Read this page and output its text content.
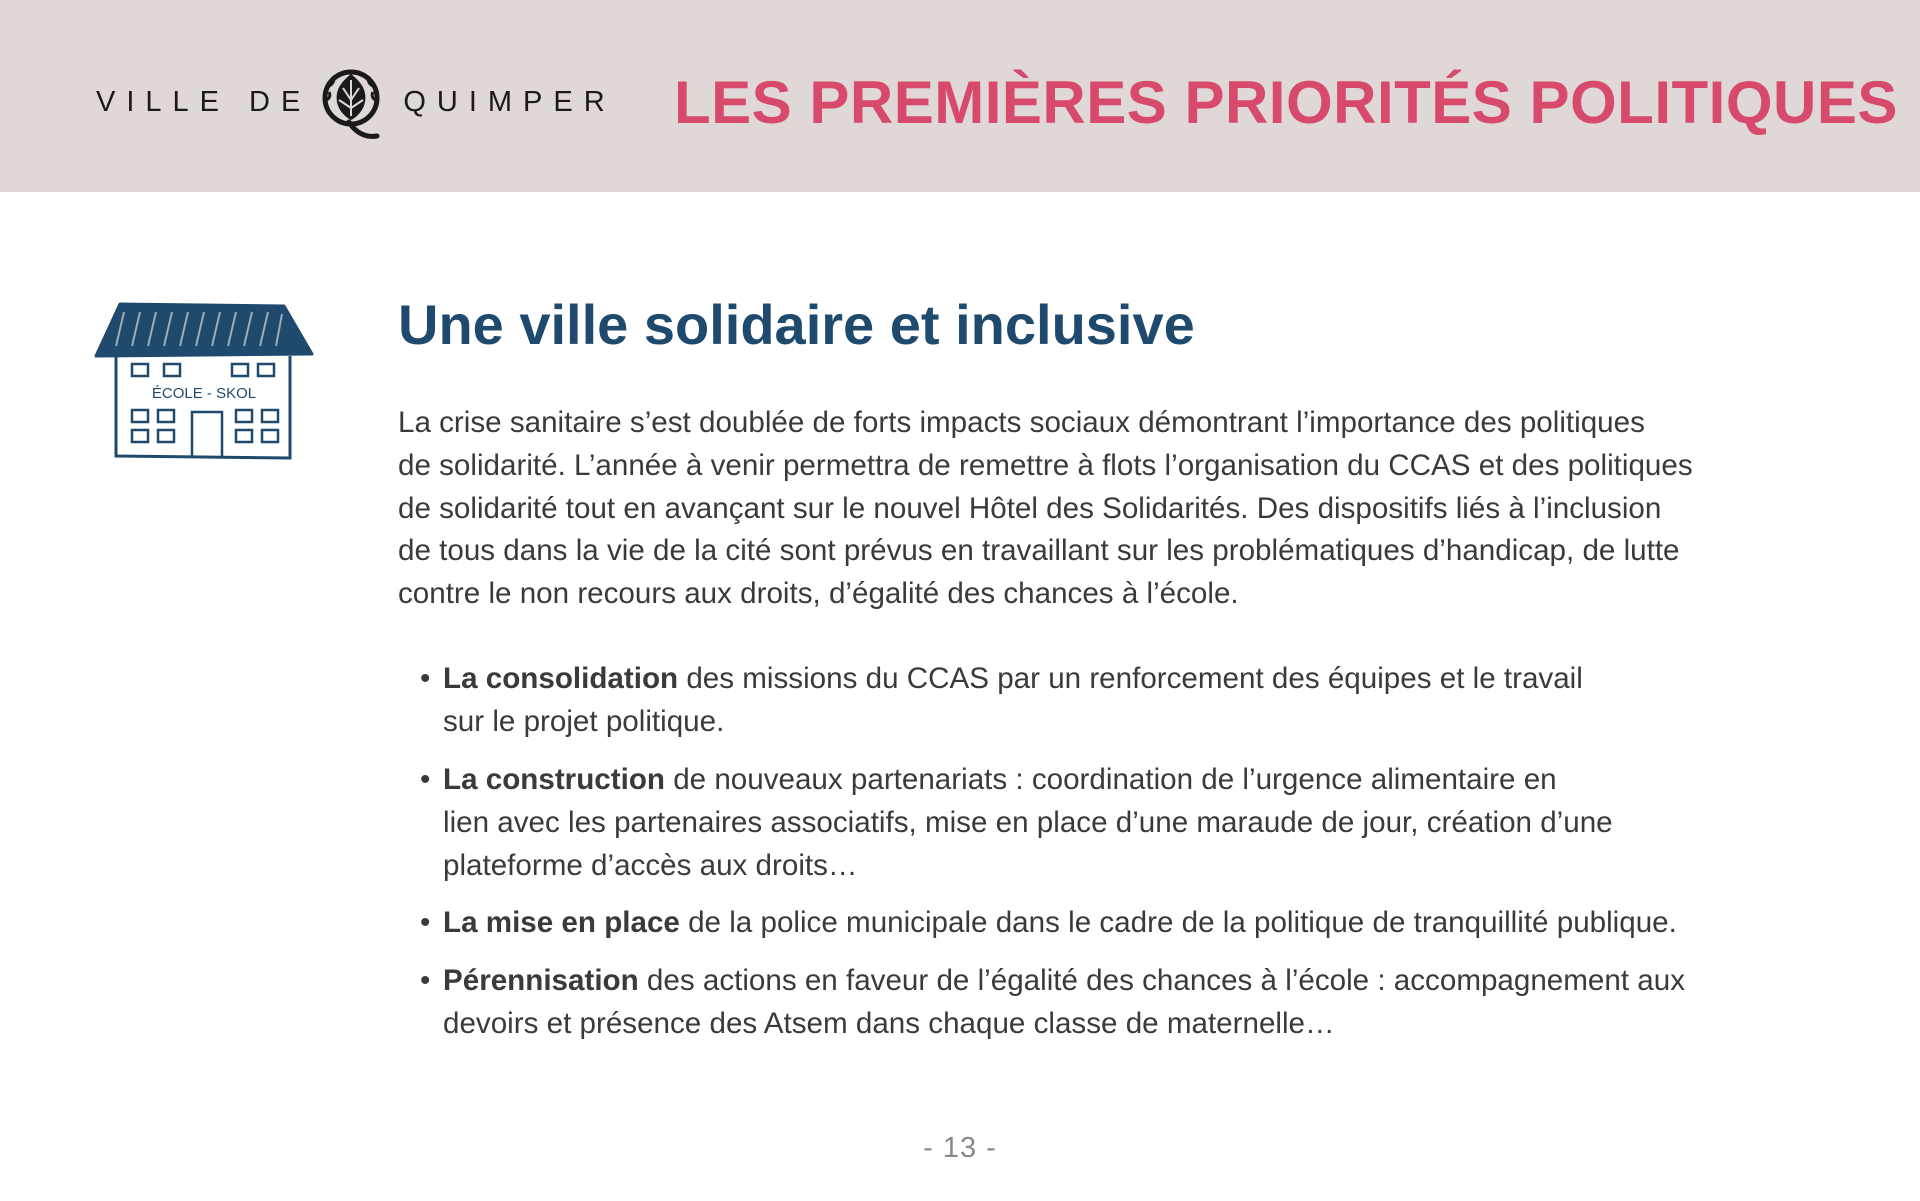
VILLE DE	QUIMPER LES PREMIÈRES PRIORITÉS POLITIQUES
ÉCOLE - SKOL
Une ville solidaire et inclusive
La crise sanitaire s’est doublée de forts impacts sociaux démontrant l’importance des politiques
de solidarité. L’année à venir permettra de remettre à flots l’organisation du CCAS et des politiques
de solidarité tout en avançant sur le nouvel Hôtel des Solidarités. Des dispositifs liés à l’inclusion
de tous dans la vie de la cité sont prévus en travaillant sur les problématiques d’handicap, de lutte
contre le non recours aux droits, d’égalité des chances à l’école.
• La consolidation des missions du CCAS par un renforcement des équipes et le travail
sur le projet politique.
• La construction de nouveaux partenariats : coordination de l’urgence alimentaire en
lien avec les partenaires associatifs, mise en place d’une maraude de jour, création d’une
plateforme d’accès aux droits…
• La mise en place de la police municipale dans le cadre de la politique de tranquillité publique.
• Pérennisation des actions en faveur de l’égalité des chances à l’école : accompagnement aux
devoirs et présence des Atsem dans chaque classe de maternelle…
- 13 -
